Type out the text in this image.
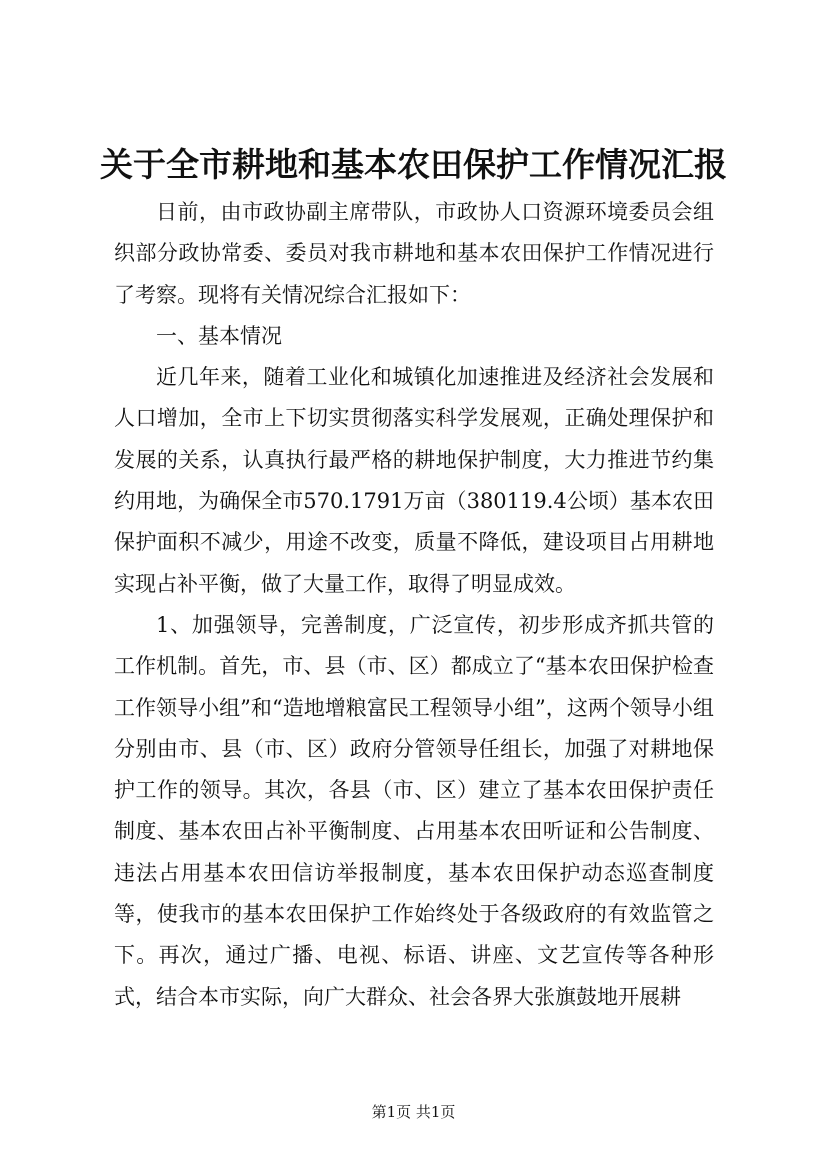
关于全市耕地和基本农田保护工作情况汇报

日前，由市政协副主席带队，市政协人口资源环境委员会组织部分政协常委、委员对我市耕地和基本农田保护工作情况进行了考察。现将有关情况综合汇报如下：

一、基本情况

近几年来，随着工业化和城镇化加速推进及经济社会发展和人口增加，全市上下切实贯彻落实科学发展观，正确处理保护和发展的关系，认真执行最严格的耕地保护制度，大力推进节约集约用地，为确保全市570.1791万亩（380119.4公顷）基本农田保护面积不减少，用途不改变，质量不降低，建设项目占用耕地实现占补平衡，做了大量工作，取得了明显成效。

1、加强领导，完善制度，广泛宣传，初步形成齐抓共管的工作机制。首先，市、县（市、区）都成立了“基本农田保护检查工作领导小组”和“造地增粮富民工程领导小组”，这两个领导小组分别由市、县（市、区）政府分管领导任组长，加强了对耕地保护工作的领导。其次，各县（市、区）建立了基本农田保护责任制度、基本农田占补平衡制度、占用基本农田听证和公告制度、违法占用基本农田信访举报制度，基本农田保护动态巡查制度等，使我市的基本农田保护工作始终处于各级政府的有效监管之下。再次，通过广播、电视、标语、讲座、文艺宣传等各种形式，结合本市实际，向广大群众、社会各界大张旗鼓地开展耕

第1页 共1页
